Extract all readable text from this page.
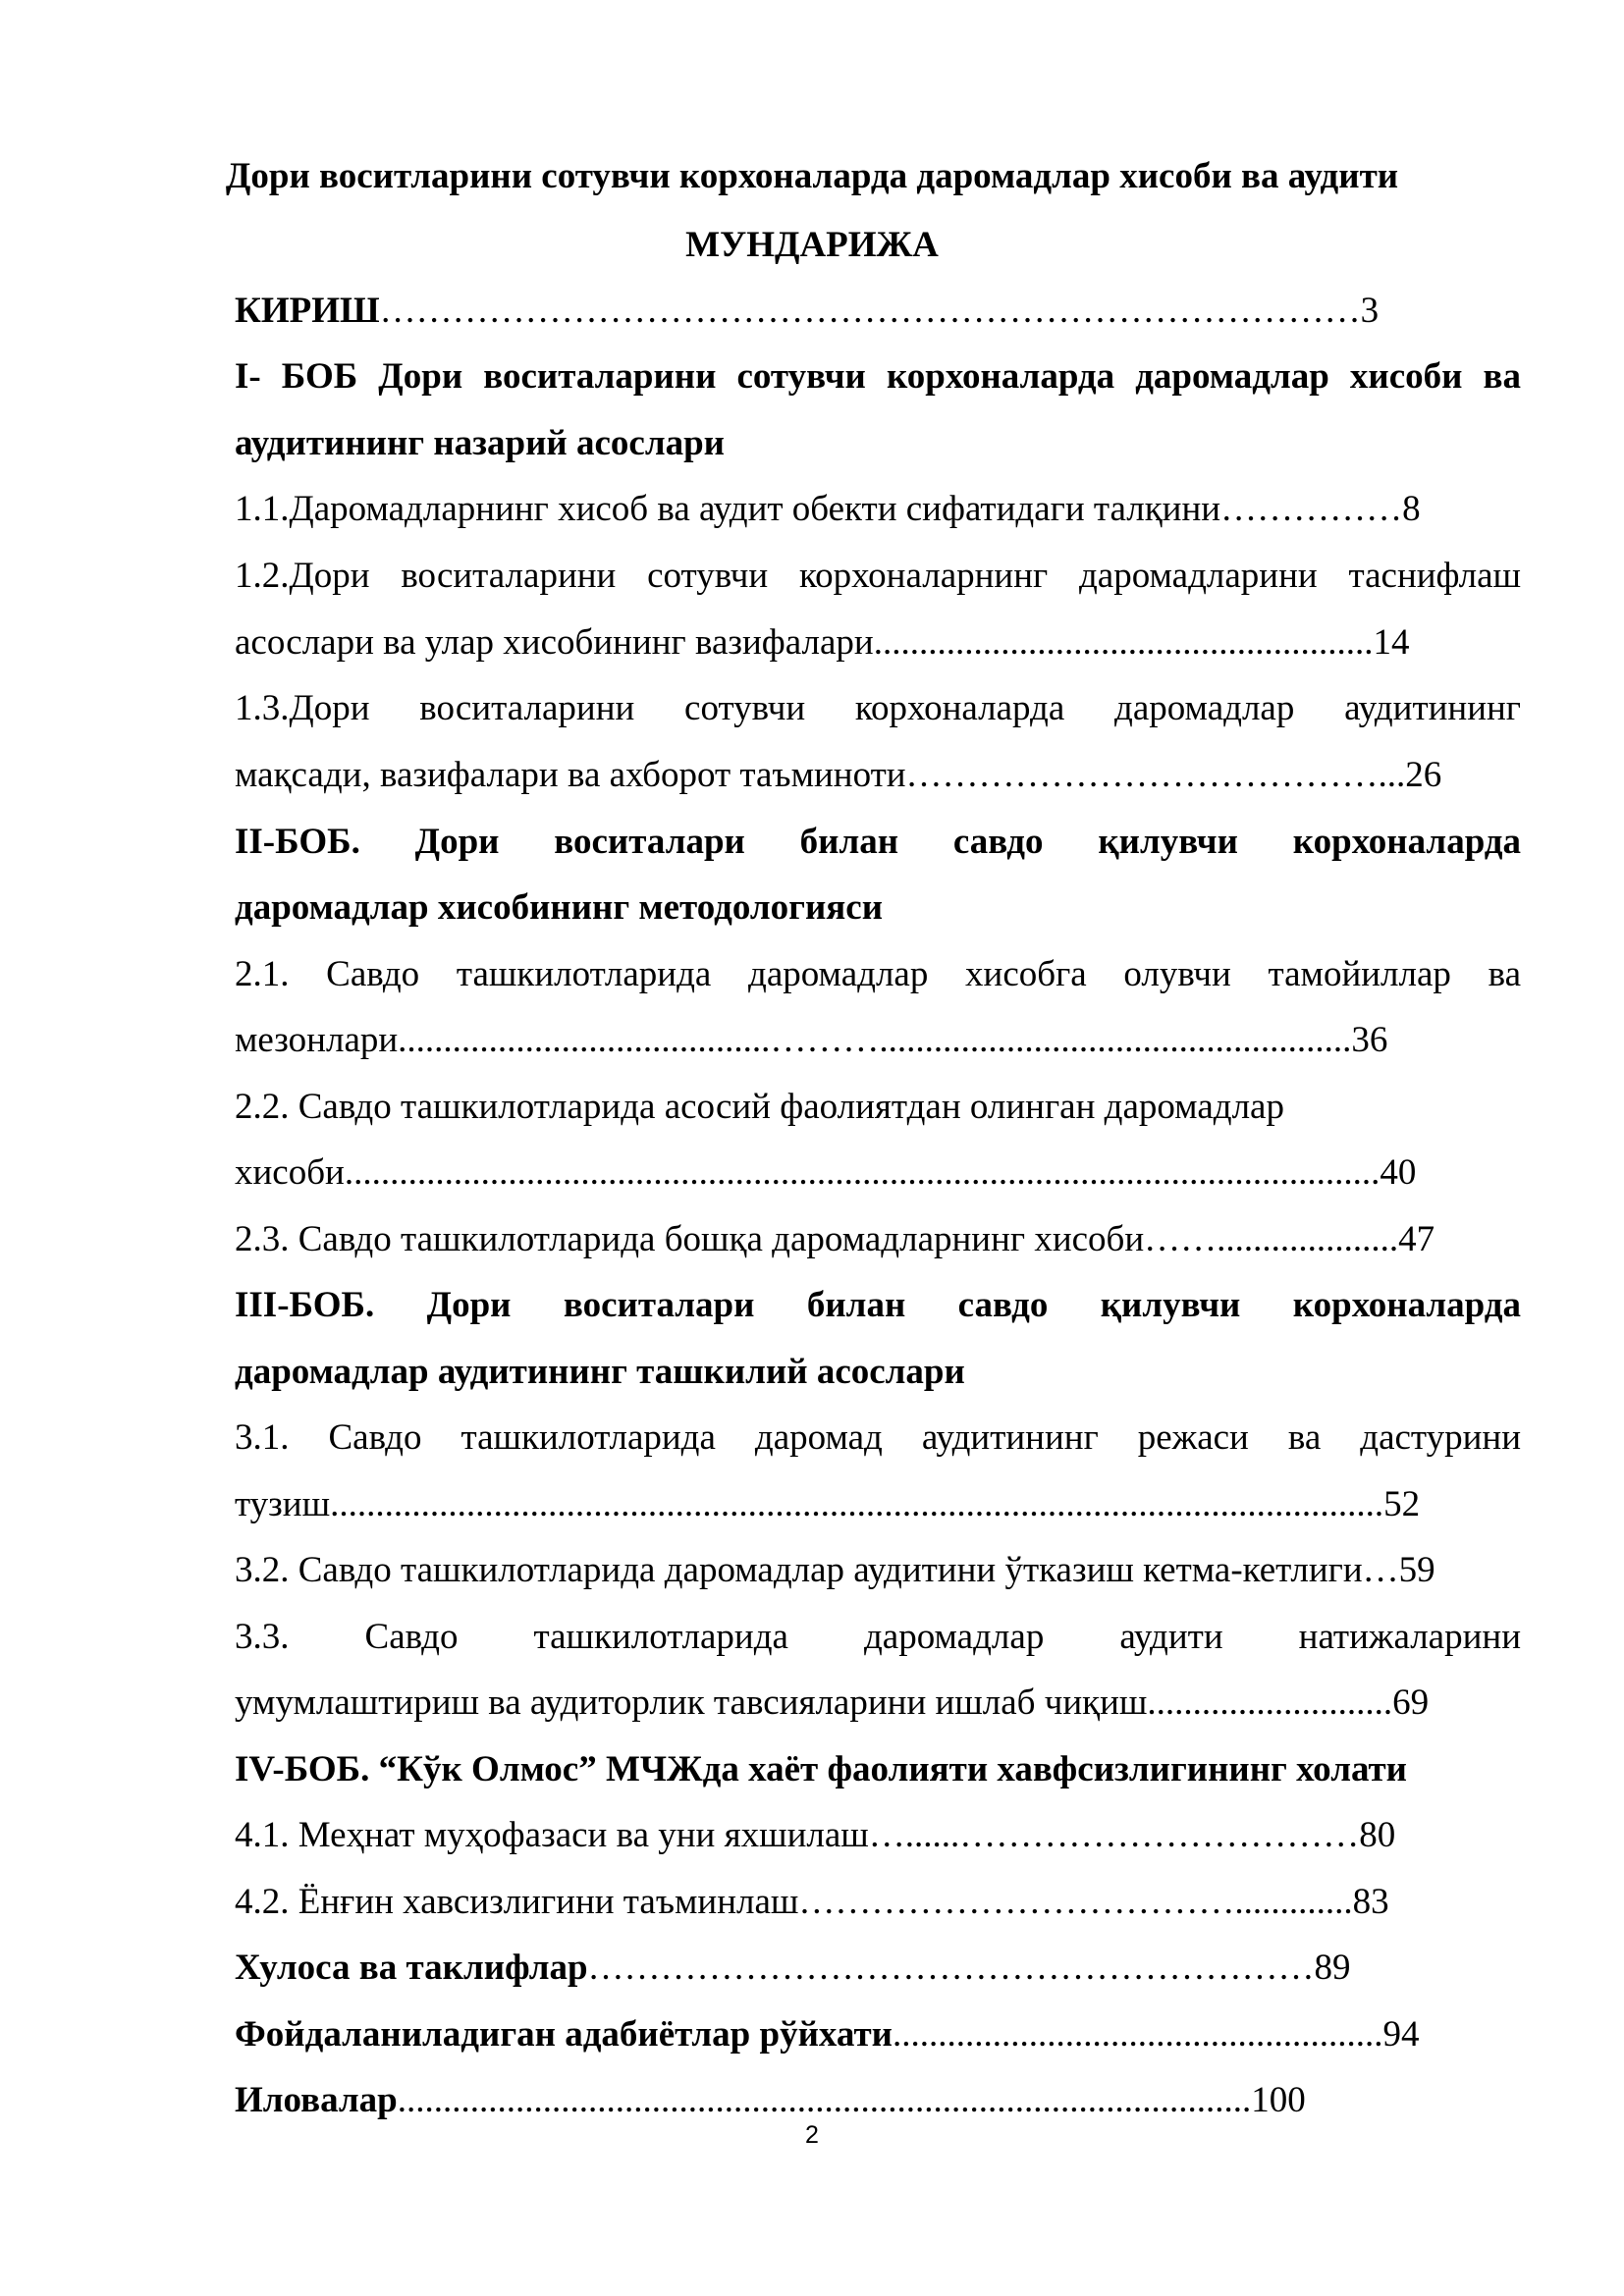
Дори воситларини сотувчи корхоналарда даромадлар хисоби ва аудити
МУНДАРИЖА
КИРИШ………………………………………………………………………3
I- БОБ Дори воситаларини сотувчи корхоналарда даромадлар хисоби ва
аудитининг назарий асослари
1.1.Даромадларнинг хисоб ва аудит обекти сифатидаги талқини……………8
1.2.Дори воситаларини сотувчи корхоналарнинг даромадларини таснифлаш
асослари ва улар хисобининг вазифалари.......................................................14
1.3.Дори воситаларини сотувчи корхоналарда даромадлар аудитининг
мақсади, вазифалари ва ахборот таъминоти…………………………………...26
II-БОБ. Дори воситалари билан савдо қилувчи корхоналарда
даромадлар хисобининг методологияси
2.1. Савдо ташкилотларида даромадлар хисобга олувчи тамойиллар ва
мезонлари.........................................………....................................................36
2.2. Савдо ташкилотларида асосий фаолиятдан олинган даромадлар
хисоби..................................................................................................................40
2.3. Савдо ташкилотларида бошқа даромадларнинг хисоби……....................47
III-БОБ. Дори воситалари билан савдо қилувчи корхоналарда
даромадлар аудитининг ташкилий асослари
3.1. Савдо ташкилотларида даромад аудитининг режаси ва дастурини
тузиш....................................................................................................................52
3.2. Савдо ташкилотларида даромадлар аудитини ўтказиш кетма-кетлиги…59
3.3. Савдо ташкилотларида даромадлар аудити натижаларини
умумлаштириш ва аудиторлик тавсияларини ишлаб чиқиш...........................69
IV-БОБ. “Кўк Олмос” МЧЖда хаёт фаолияти хавфсизлигининг холати
4.1. Меҳнат муҳофазаси ва уни яхшилаш…......……………………………80
4.2. Ёнғин хавсизлигини таъминлаш……………………………….............83
Хулоса ва таклифлар……………………………………………………89
Фойдаланиладиган адабиётлар рўйхати......................................................94
Иловалар..............................................................................................100
2
